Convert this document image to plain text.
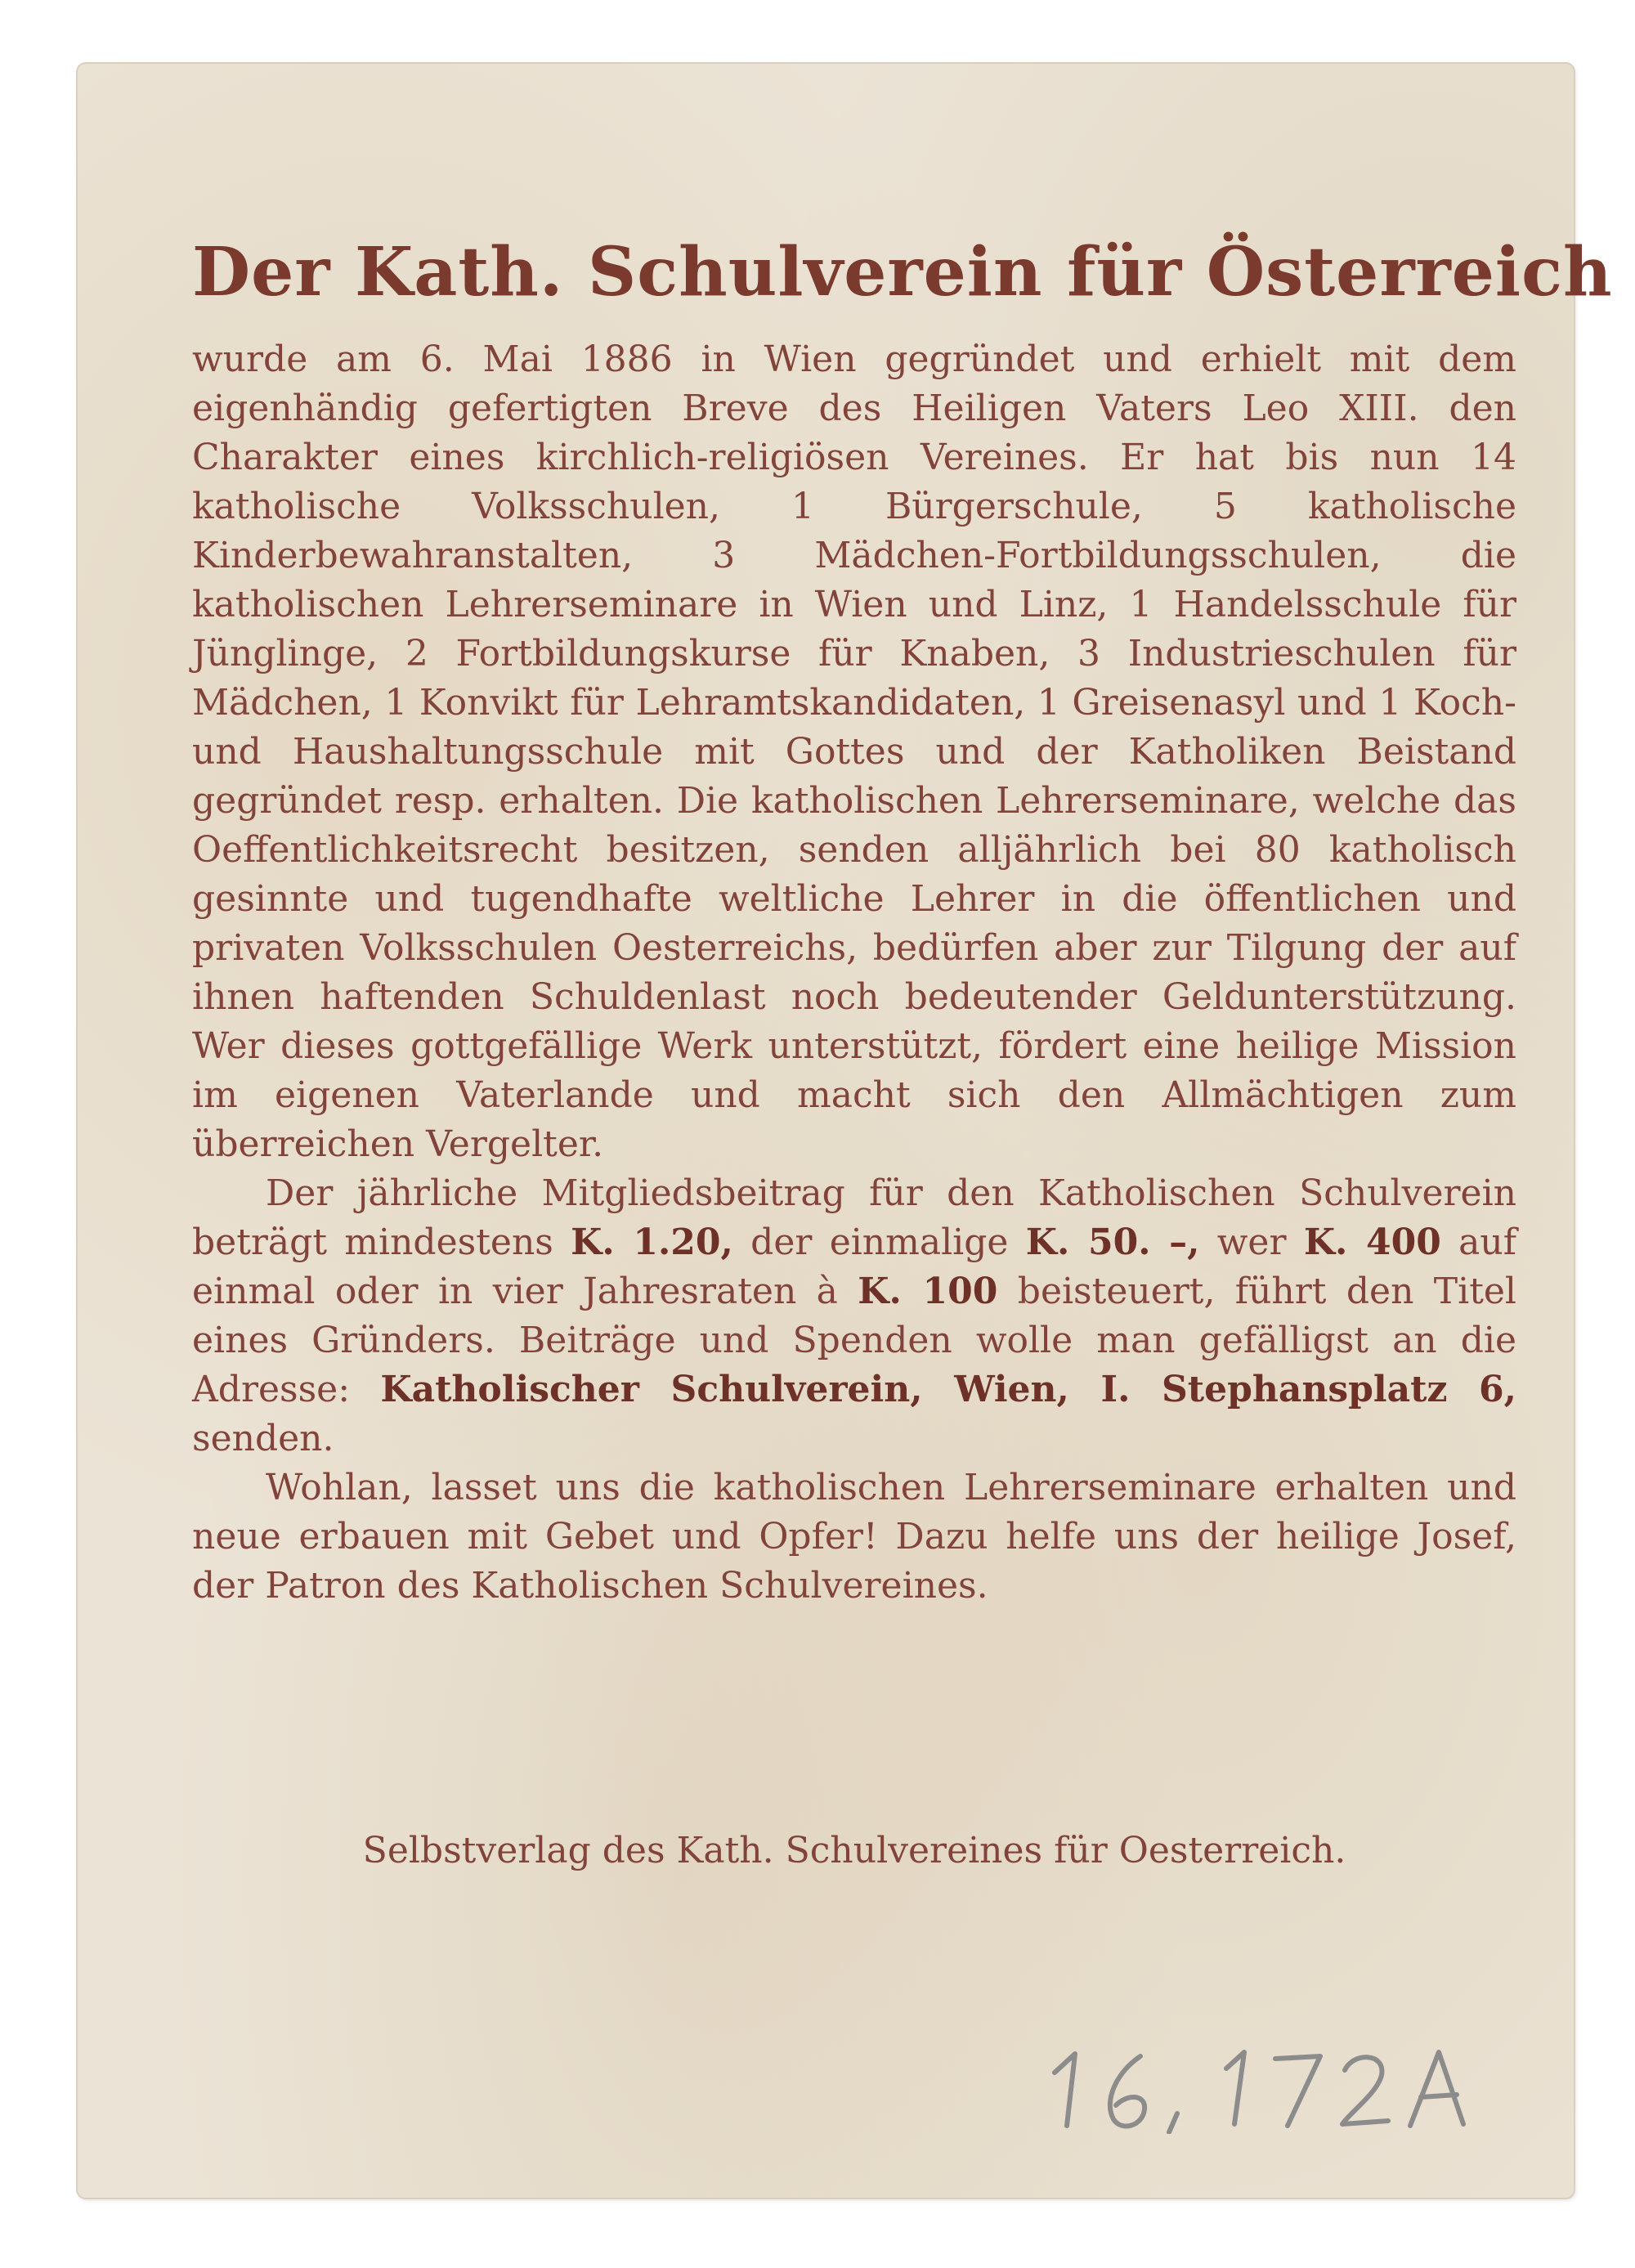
Der Kath. Schulverein für Österreich

wurde am 6. Mai 1886 in Wien gegründet und erhielt mit dem eigenhändig gefertigten Breve des Heiligen Vaters Leo XIII. den Charakter eines kirchlich-religiösen Vereines. Er hat bis nun 14 katholische Volksschulen, 1 Bürgerschule, 5 katholische Kinderbewahranstalten, 3 Mädchen-Fortbildungsschulen, die katholischen Lehrerseminare in Wien und Linz, 1 Handelsschule für Jünglinge, 2 Fortbildungskurse für Knaben, 3 Industrieschulen für Mädchen, 1 Konvikt für Lehramtskandidaten, 1 Greisenasyl und 1 Koch- und Haushaltungsschule mit Gottes und der Katholiken Beistand gegründet resp. erhalten. Die katholischen Lehrerseminare, welche das Oeffentlichkeitsrecht besitzen, senden alljährlich bei 80 katholisch gesinnte und tugendhafte weltliche Lehrer in die öffentlichen und privaten Volksschulen Oesterreichs, bedürfen aber zur Tilgung der auf ihnen haftenden Schuldenlast noch bedeutender Geldunterstützung. Wer dieses gottgefällige Werk unterstützt, fördert eine heilige Mission im eigenen Vaterlande und macht sich den Allmächtigen zum überreichen Vergelter.

Der jährliche Mitgliedsbeitrag für den Katholischen Schulverein beträgt mindestens K. 1.20, der einmalige K. 50. –, wer K. 400 auf einmal oder in vier Jahresraten à K. 100 beisteuert, führt den Titel eines Gründers. Beiträge und Spenden wolle man gefälligst an die Adresse: Katholischer Schulverein, Wien, I. Stephansplatz 6, senden.

Wohlan, lasset uns die katholischen Lehrerseminare erhalten und neue erbauen mit Gebet und Opfer! Dazu helfe uns der heilige Josef, der Patron des Katholischen Schulvereines.

Selbstverlag des Kath. Schulvereines für Oesterreich.
